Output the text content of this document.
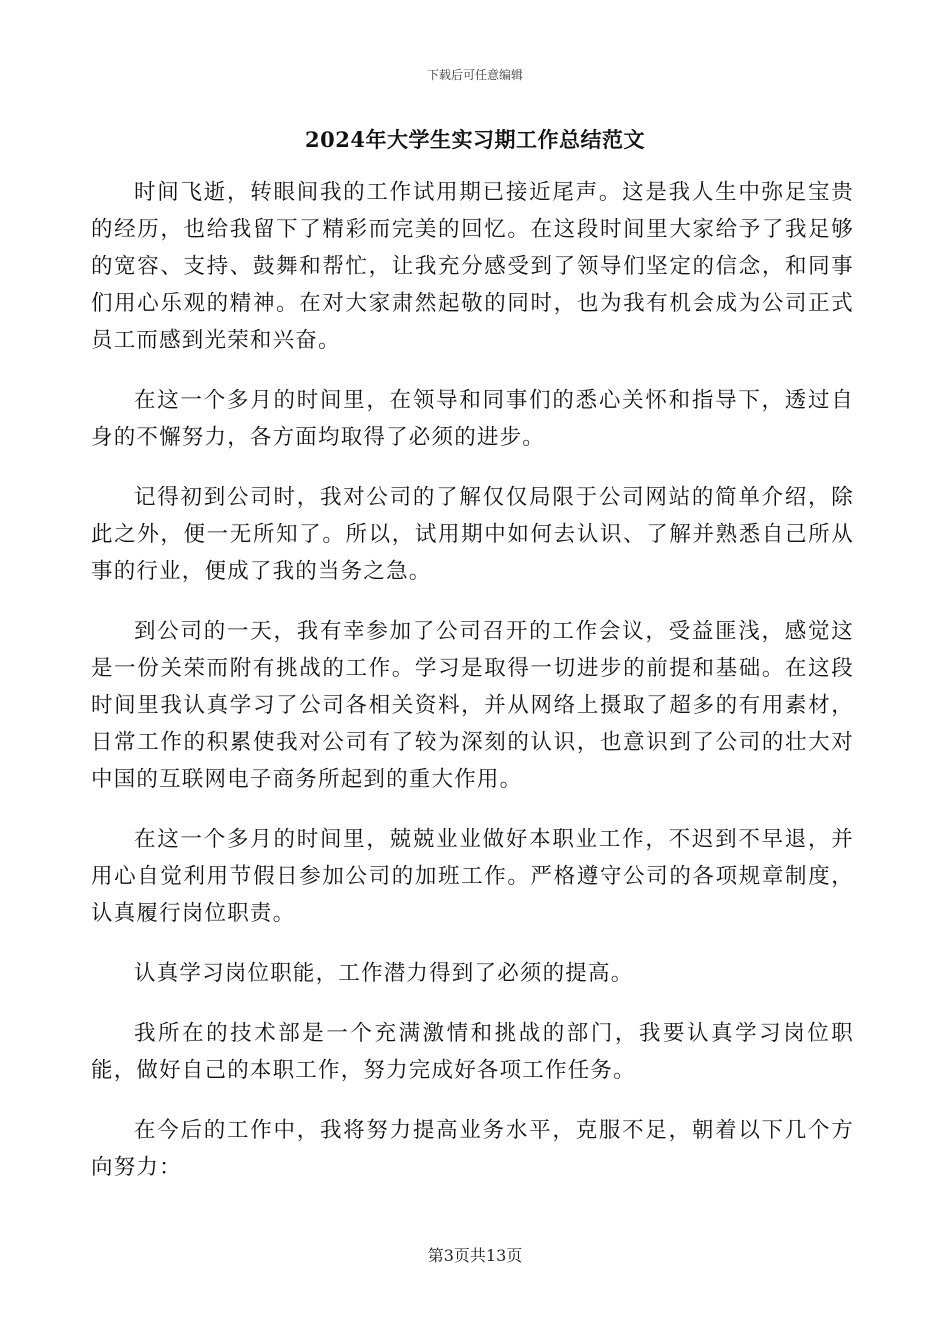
下载后可任意编辑
2024年大学生实习期工作总结范文

时间飞逝，转眼间我的工作试用期已接近尾声。这是我人生中弥足宝贵的经历，也给我留下了精彩而完美的回忆。在这段时间里大家给予了我足够的宽容、支持、鼓舞和帮忙，让我充分感受到了领导们坚定的信念，和同事们用心乐观的精神。在对大家肃然起敬的同时，也为我有机会成为公司正式员工而感到光荣和兴奋。

在这一个多月的时间里，在领导和同事们的悉心关怀和指导下，透过自身的不懈努力，各方面均取得了必须的进步。

记得初到公司时，我对公司的了解仅仅局限于公司网站的简单介绍，除此之外，便一无所知了。所以，试用期中如何去认识、了解并熟悉自己所从事的行业，便成了我的当务之急。

到公司的一天，我有幸参加了公司召开的工作会议，受益匪浅，感觉这是一份关荣而附有挑战的工作。学习是取得一切进步的前提和基础。在这段时间里我认真学习了公司各相关资料，并从网络上摄取了超多的有用素材，日常工作的积累使我对公司有了较为深刻的认识，也意识到了公司的壮大对中国的互联网电子商务所起到的重大作用。

在这一个多月的时间里，兢兢业业做好本职业工作，不迟到不早退，并用心自觉利用节假日参加公司的加班工作。严格遵守公司的各项规章制度，认真履行岗位职责。

认真学习岗位职能，工作潜力得到了必须的提高。

我所在的技术部是一个充满激情和挑战的部门，我要认真学习岗位职能，做好自己的本职工作，努力完成好各项工作任务。

在今后的工作中，我将努力提高业务水平，克服不足，朝着以下几个方向努力：

第3页共13页
